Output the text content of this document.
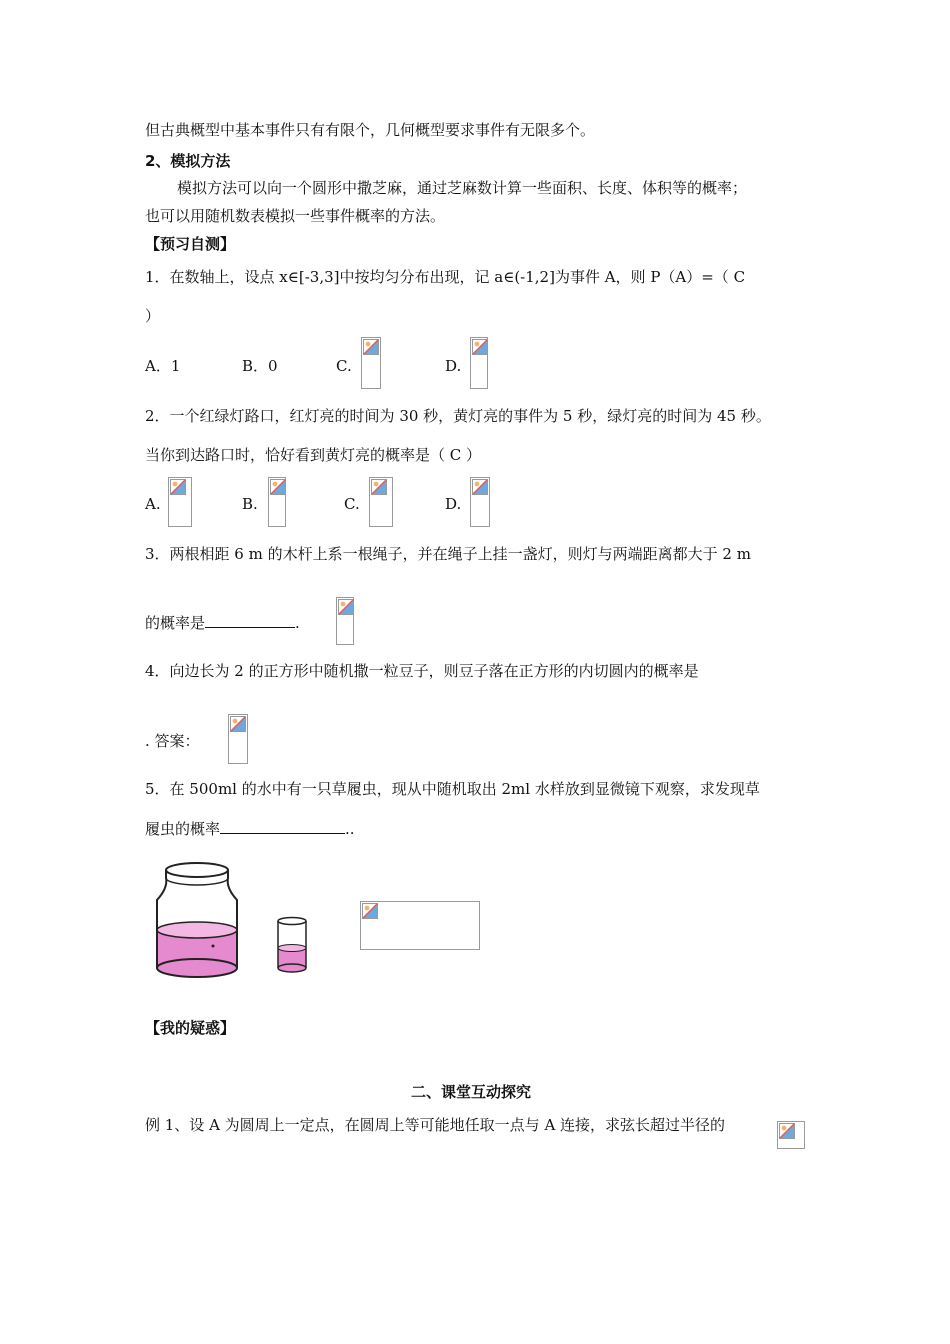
但古典概型中基本事件只有有限个，几何概型要求事件有无限多个。
2、模拟方法
模拟方法可以向一个圆形中撒芝麻，通过芝麻数计算一些面积、长度、体积等的概率；
也可以用随机数表模拟一些事件概率的方法。
【预习自测】
1．在数轴上，设点 x∈[-3,3]中按均匀分布出现，记 a∈(-1,2]为事件 A，则 P（A）=（ C
）
A．1	B．0	C.	D.
2．一个红绿灯路口，红灯亮的时间为 30 秒，黄灯亮的事件为 5 秒，绿灯亮的时间为 45 秒。
当你到达路口时，恰好看到黄灯亮的概率是（ C ）
A.	B.	C.	D.
3．两根相距 6 m 的木杆上系一根绳子，并在绳子上挂一盏灯，则灯与两端距离都大于 2 m
的概率是	.
4．向边长为 2 的正方形中随机撒一粒豆子，则豆子落在正方形的内切圆内的概率是
. 答案：
5．在 500ml 的水中有一只草履虫，现从中随机取出 2ml 水样放到显微镜下观察，求发现草
履虫的概率	..
【我的疑惑】
二、课堂互动探究
例 1、设 A 为圆周上一定点，在圆周上等可能地任取一点与 A 连接，求弦长超过半径的
